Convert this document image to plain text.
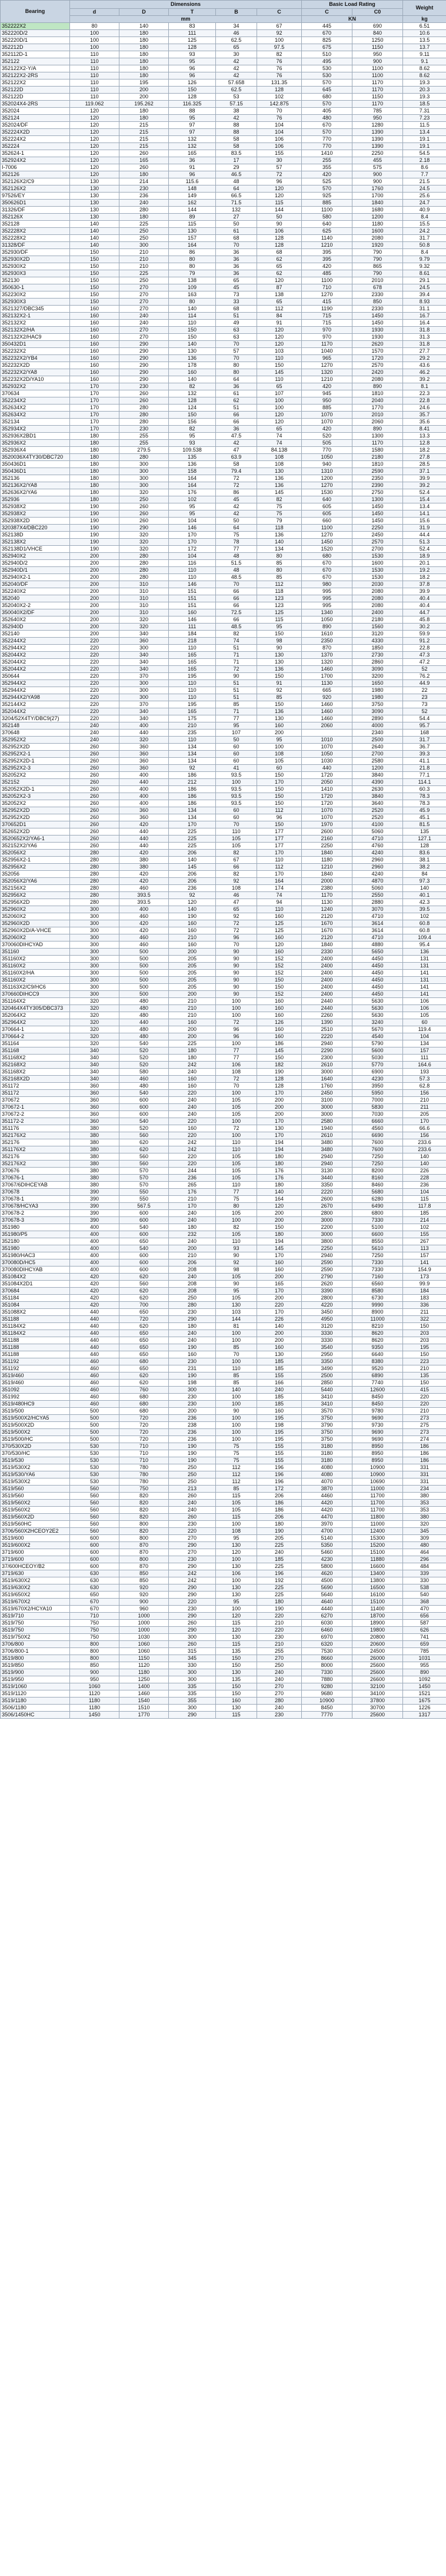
Bearing	Dimensions					Basic Load Rating		Weight
	d	D	T	B	C	C	C0	
	mm					KN		kg
352222X2	80	140	83	34	67	445	690	6.51
352220D/2	100	180	111	46	92	670	840	10.6
352220D/1	100	180	125	62.5	100	825	1250	13.5
352212D	100	180	128	65	97.5	675	1150	13.7
352112D-1	110	180	93	30	82	510	950	9.11
352122	110	180	95	42	76	495	900	9.1
352122X2-Y/A	110	180	96	42	76	530	1100	8.62
352122X2-2RS	110	180	96	42	76	530	1100	8.62
352122X2	110	195	126	57.658	131.35	570	1170	19.3
352122D	110	200	150	62.5	128	645	1170	20.3
352122D	110	200	128	53	102	680	1150	19.3
352024X4-2RS	119.062	195.262	116.325	57.15	142.875	570	1170	18.5
352024	120	180	88	38	70	405	785	7.31
352124	120	180	95	42	76	480	950	7.23
352024/DF	120	215	97	88	104	670	1280	11.5
352224X2D	120	215	97	88	104	570	1390	13.4
352224X2	120	215	132	58	106	770	1390	19.1
352224	120	215	132	58	106	770	1390	19.1
352624-1	120	260	165	83.5	155	1410	2250	54.5
352924X2	120	165	36	17	30	255	455	2.18
I-7006	120	260	91	29	57	355	575	8.6
352126	120	180	96	46.5	72	420	900	7.7
352126X2/C9	130	214	115.6	48	96	525	900	21.5
352126X2	130	230	148	64	120	570	1760	24.5
97526/EY	130	236	149	66.5	120	925	1700	25.6
350626D1	130	240	162	71.5	115	885	1840	24.7
31326/DF	130	280	144	132	144	1100	1680	40.9
352126X	130	180	89	27	50	580	1200	8.4
352128	140	225	115	50	90	640	1180	15.5
352228X2	140	250	130	61	106	625	1600	24.2
352228X2	140	250	157	68	128	1140	2080	31.7
31328/DF	140	300	164	70	128	1210	1920	50.8
352930/DF	150	210	86	36	68	395	790	8.4
352930X2D	150	210	80	36	62	395	790	9.79
352930X2	150	210	80	36	65	420	865	9.32
352930X3	150	225	79	36	62	485	790	8.61
352130	150	250	138	65	120	1100	2010	29.1
350630-1	150	270	109	45	87	710	678	24.5
352230X2	150	270	163	73	138	1270	2330	39.4
352930X3	150	270	80	33	65	415	850	8.93
3521327/DBC345	160	270	140	68	112	1190	2330	31.1
352132X2-1	160	240	114	51	84	715	1450	16.7
352132X2	160	240	110	49	91	715	1450	16.4
352132X2/HA	160	270	150	63	120	970	1930	31.8
352132X2/HAC9	160	270	150	63	120	970	1930	31.3
350432D1	160	290	140	70	120	1170	2620	31.8
352232X2	160	290	130	57	103	1040	1570	27.7
352232X2/YB4	160	290	136	70	110	965	1720	29.2
352232X2D	160	290	178	80	150	1270	2570	43.6
352232X2/YA8	160	290	160	80	145	1320	2420	46.2
352232X2D/YA10	160	290	140	64	110	1210	2080	39.2
352932X2	170	230	82	36	65	420	890	8.1
370634	170	260	132	61	107	945	1810	22.3
352234X2	170	260	128	62	100	950	2040	22.8
352634X2	170	280	124	51	100	885	1770	24.6
352634X2	170	280	150	66	120	1070	2010	35.7
352134	170	280	156	66	120	1070	2060	35.6
352934X2	170	230	82	36	65	420	890	8.41
352936X2BD1	180	255	95	47.5	74	520	1300	13.3
352936X2	180	255	93	42	74	505	1170	12.8
352936X4	180	279.5	109.538	47	84.138	770	1580	18.2
3520036X4TY30/DBC720	180	280	135	63.9	108	1050	2180	27.8
350436D1	180	300	136	58	108	940	1810	28.5
350436D1	180	300	158	79.4	130	1310	2590	37.1
352136	180	300	164	72	136	1200	2350	39.9
352136X2/YA8	180	300	164	72	136	1270	2390	39.2
352636X2/YA6	180	320	176	86	145	1530	2750	52.4
352936	180	250	102	45	82	640	1300	15.4
352938X2	190	260	95	42	75	605	1450	13.4
352938X2	190	260	95	42	75	605	1450	14.1
352938X2D	190	260	104	50	79	660	1450	15.6
320387X4/DBC220	190	290	146	64	118	1100	2250	31.9
352138D	190	320	170	75	136	1270	2450	44.4
352138X2	190	320	170	78	140	1450	2570	51.3
352138D1/VHCE	190	320	172	77	134	1520	2700	52.4
352940X2	200	280	104	48	80	680	1530	18.9
352940D/2	200	280	116	51.5	85	670	1600	20.1
352940D/1	200	280	110	48	80	670	1530	19.2
352940X2-1	200	280	110	48.5	85	670	1530	18.2
352040/DF	200	310	146	70	112	980	2030	37.8
352240X2	200	310	151	66	118	995	2080	39.9
352040	200	310	151	66	123	995	2080	40.4
352040X2-2	200	310	151	66	123	995	2080	40.4
350040X2/DF	200	310	160	72.5	125	1340	2400	44.7
352640X2	200	320	146	66	115	1050	2180	45.8
352940D	200	320	111	48.5	95	890	1560	30.2
352140	200	340	184	82	150	1610	3120	59.9
352244X2	220	360	218	74	98	2350	4330	91.2
352944X2	220	300	110	51	90	870	1850	22.8
352044X2	220	340	165	71	130	1370	2730	47.3
352044X2	220	340	165	71	130	1320	2860	47.2
352044X2	220	340	165	72	136	1460	3090	52
350644	220	370	195	90	150	1700	3200	76.2
352944X2	220	300	110	51	91	1130	1650	44.9
352944X2	220	300	110	51	92	665	1980	22
352944X2/YA98	220	300	110	51	85	920	1980	23
352144X2	220	370	195	85	150	1460	3750	73
352044X2	220	340	165	71	136	1460	3090	52
3204/52X4TY/DBC9(27)	220	340	175	77	130	1460	2890	54.4
352148	240	400	210	95	160	2060	4000	95.7
370648	240	440	235	107	200		2340	168
352952X2	240	320	110	50	95	1010	2500	31.7
352952X2D	260	360	134	60	100	1070	2640	36.7
352952X2-1	260	360	134	60	108	1050	2700	39.3
352952X2D-1	260	360	134	60	105	1030	2580	41.1
352952X2-3	260	360	92	41	60	440	1200	21.8
352052X2	260	400	186	93.5	150	1720	3840	77.1
352152	260	440	212	100	170	2050	4390	114.1
352052X2D-1	260	400	186	93.5	150	1410	2630	60.3
352052X2-3	260	400	186	93.5	150	1720	3840	78.3
352052X2	260	400	186	93.5	150	1720	3640	78.3
352952X2D	260	360	134	60	112	1070	2520	45.9
352952X2D	260	360	134	60	96	1070	2520	45.1
370652D1	260	420	170	70	150	1970	4100	81.5
352652X2D	260	440	225	110	177	2600	5060	135
3520652X2/YA6-1	260	440	225	105	177	2160	4710	127.1
352152X2/YA6	260	440	225	105	177	2250	4760	128
352056X2	280	420	206	82	170	1840	4240	83.6
352956X2-1	280	380	140	67	110	1180	2960	38.1
352956X2	280	380	145	66	112	1210	2960	38.2
352056	280	420	206	82	170	1840	4240	84
352056X2/YA6	280	420	206	92	164	2000	4870	97.3
352156X2	280	460	236	108	174	2380	5060	140
352956X2	280	393.5	92	46	74	1170	2550	40.1
352956X2D	280	393.5	120	47	94	1130	2880	42.3
352960X2	300	400	140	65	110	1240	3070	39.5
352060X2	300	460	190	92	160	2120	4710	102
352960X2D	300	420	160	72	125	1670	3614	60.8
352960X2D/A-VHCE	300	420	160	72	125	1670	3614	60.8
352060X2	300	460	210	96	160	2120	4710	109.4
370060DIHCYAD	300	460	160	70	120	1840	4880	95.4
351160	300	500	200	90	160	2330	5650	136
351160X2	300	500	205	90	152	2400	4450	131
351160X2	300	500	205	90	152	2400	4450	131
351160X2/HA	300	500	205	90	152	2400	4450	141
351160X2	300	500	205	90	150	2400	4450	131
351163X2/C9/HC6	300	500	205	90	150	2400	4450	141
370660DIHCC9	300	500	200	90	152	2400	4450	141
351164X2	320	480	210	100	160	2440	5630	106
320464X4TY305/DBC373	320	480	210	100	160	2440	5630	106
352064X2	320	480	210	100	160	2260	5630	105
352964X2	320	440	160	72	126	1390	3240	60
370664-1	320	480	200	96	160	2510	5670	119.4
370664-2	320	480	200	96	160	2220	4540	104
351164	320	540	225	100	186	2940	5790	134
351168	340	520	180	77	145	2290	5600	157
351168X2	340	520	180	77	150	2300	5030	111
352168X2	340	520	242	106	182	2610	5770	164.6
351168X2	340	580	240	108	190	3000	6900	193
352168X2D	340	460	160	72	128	1640	4230	57.3
351172	360	480	160	70	128	1760	3950	62.8
351172	360	540	220	100	170	2450	5950	156
370672	360	600	240	105	200	3100	7000	210
370672-1	360	600	240	105	200	3000	5830	211
370672-2	360	600	240	105	200	3000	7030	205
351172-2	360	540	220	100	170	2580	6660	170
351176	380	520	160	72	130	1940	4560	66.6
352176X2	380	560	220	100	170	2610	6690	156
352176	380	620	242	110	194	3480	7600	233.6
351176X2	380	620	242	110	194	3480	7600	233.6
352176	380	560	220	105	180	2940	7250	140
352176X2	380	560	220	105	180	2940	7250	140
370676	380	570	244	105	176	3130	8200	226
370676-1	380	570	236	105	176	3440	8160	228
37067/6DIHCEYAB	380	570	265	110	180	3350	8460	236
370678	390	550	176	77	140	2220	5680	104
370678-1	390	550	210	75	164	2600	6280	115
370678/HCYA3	390	567.5	170	80	120	2670	6490	117.8
370678-2	390	600	240	105	200	2800	6800	185
370678-3	390	600	240	100	200	3000	7330	214
351980	400	540	180	82	150	2200	5100	102
351980/P5	400	600	232	105	180	3000	6600	155
352180	400	650	240	110	194	3800	8550	267
351980	400	540	200	93	145	2250	5610	113
351980/HAC3	400	600	210	90	170	2940	7250	157
370080D/HC5	400	600	206	92	160	2590	7330	141
370080DIHCYAB	400	600	208	98	160	2590	7330	154.9
351084X2	420	620	240	105	200	2790	7160	173
351084X2D1	420	560	208	90	165	2620	6560	99.9
370684	420	620	208	95	170	3390	8580	184
351184	420	620	250	105	200	2800	6730	183
351084	420	700	280	130	220	4220	9990	336
351088X2	440	650	230	103	170	3450	8900	211
351188	440	720	290	144	226	4950	11000	322
351184X2	440	620	180	81	140	3120	8210	150
351184X2	440	650	240	100	200	3330	8620	203
351188	440	650	240	100	200	3330	8620	203
351188	440	650	190	85	160	3540	9350	195
351188	440	650	160	70	130	2950	6640	150
351192	460	680	230	100	185	3350	8380	223
351192	460	650	231	110	185	3490	9520	210
3519/460	460	620	190	85	155	2500	6890	135
3519/460	460	620	198	85	166	2850	7740	150
351092	460	760	300	140	240	5440	12600	415
351992	460	680	230	100	185	3410	8450	220
3519/480HC9	460	680	230	100	185	3410	8450	220
3519/500	500	680	200	90	160	3570	9780	210
3519/500X2/HCYA5	500	720	236	100	195	3750	9690	273
3519/500X2D	500	720	238	100	198	3790	9730	275
3519/500X2	500	720	236	100	195	3750	9690	273
3519/500/HC	500	720	236	100	195	3750	9690	274
370/530X2D	530	710	190	75	155	3180	8950	186
370/530/HC	530	710	190	75	155	3180	8950	186
3519/530	530	710	190	75	155	3180	8950	186
3519/530X2	530	780	250	112	196	4080	10900	331
3519/530/YA6	530	780	250	112	196	4080	10900	331
3519/530X2	530	780	250	112	196	4070	10690	331
3519/560	560	750	213	85	172	3870	11000	234
3519/560	560	820	260	115	206	4460	11700	380
3519/560X2	560	820	240	105	186	4420	11700	353
3519/560X2	560	820	240	105	186	4420	11700	353
3519/560X2D	560	820	260	115	206	4470	11800	380
3519/560HC	560	800	230	100	180	3970	11000	320
3706/560X2HCEOY2E2	560	820	220	108	190	4700	12400	345
3519/600	600	800	270	95	205	5140	15300	309
3519/600X2	600	870	290	130	225	5350	15200	480
3719/600	600	870	270	120	240	5460	15100	464
3719/600	600	800	230	100	185	4230	11880	296
37/600HCEOY/B2	600	870	290	130	225	5800	16600	484
3719/630	630	850	242	106	196	4620	13400	339
3519/630X2	630	850	242	100	192	4500	13800	330
3519/630X2	630	920	290	130	225	5690	16500	538
3519/650X2	650	920	290	130	225	5640	16100	540
3519/670X2	670	900	220	95	180	4640	15100	368
3519/670X2/HCYA10	670	960	230	100	190	4440	11400	470
3519/710	710	1000	290	120	220	6270	18700	656
3519/750	750	1000	260	115	210	6030	18900	587
3519/750	750	1000	290	120	220	6460	19800	626
3519/750X2	750	1030	300	130	230	6970	20800	741
3706/800	800	1060	260	115	210	6320	20600	659
3706/800-1	800	1060	315	135	255	7530	24500	785
3519/800	800	1150	345	150	270	8660	26000	1031
3519/850	850	1120	330	150	250	8000	25600	955
3519/900	900	1180	300	130	240	7330	25600	890
3519/950	950	1250	300	135	240	7880	26600	1092
3519/1060	1060	1400	335	150	270	9280	32100	1450
3519/1120	1120	1460	335	150	270	9680	34100	1521
3519/1180	1180	1540	355	160	280	10900	37800	1675
3506/1180	1180	1510	300	130	240	8450	30700	1226
3506/1450HC	1450	1770	290	115	230	7770	25600	1317
